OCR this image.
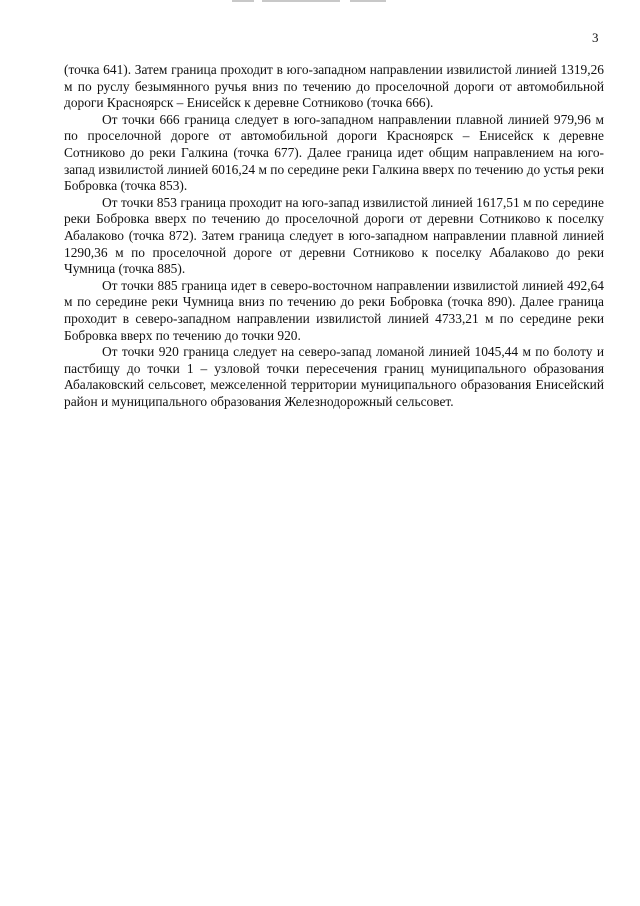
3

(точка 641). Затем граница проходит в юго-западном направлении извилистой линией 1319,26 м по руслу безымянного ручья вниз по течению до проселочной дороги от автомобильной дороги Красноярск – Енисейск к деревне Сотниково (точка 666).

От точки 666 граница следует в юго-западном направлении плавной линией 979,96 м по проселочной дороге от автомобильной дороги Красноярск – Енисейск к деревне Сотниково до реки Галкина (точка 677). Далее граница идет общим направлением на юго-запад извилистой линией 6016,24 м по середине реки Галкина вверх по течению до устья реки Бобровка (точка 853).

От точки 853 граница проходит на юго-запад извилистой линией 1617,51 м по середине реки Бобровка вверх по течению до проселочной дороги от деревни Сотниково к поселку Абалаково (точка 872). Затем граница следует в юго-западном направлении плавной линией 1290,36 м по проселочной дороге от деревни Сотниково к поселку Абалаково до реки Чумница (точка 885).

От точки 885 граница идет в северо-восточном направлении извилистой линией 492,64 м по середине реки Чумница вниз по течению до реки Бобровка (точка 890). Далее граница проходит в северо-западном направлении извилистой линией 4733,21 м по середине реки Бобровка вверх по течению до точки 920.

От точки 920 граница следует на северо-запад ломаной линией 1045,44 м по болоту и пастбищу до точки 1 – узловой точки пересечения границ муниципального образования Абалаковский сельсовет, межселенной территории муниципального образования Енисейский район и муниципального образования Железнодорожный сельсовет.
